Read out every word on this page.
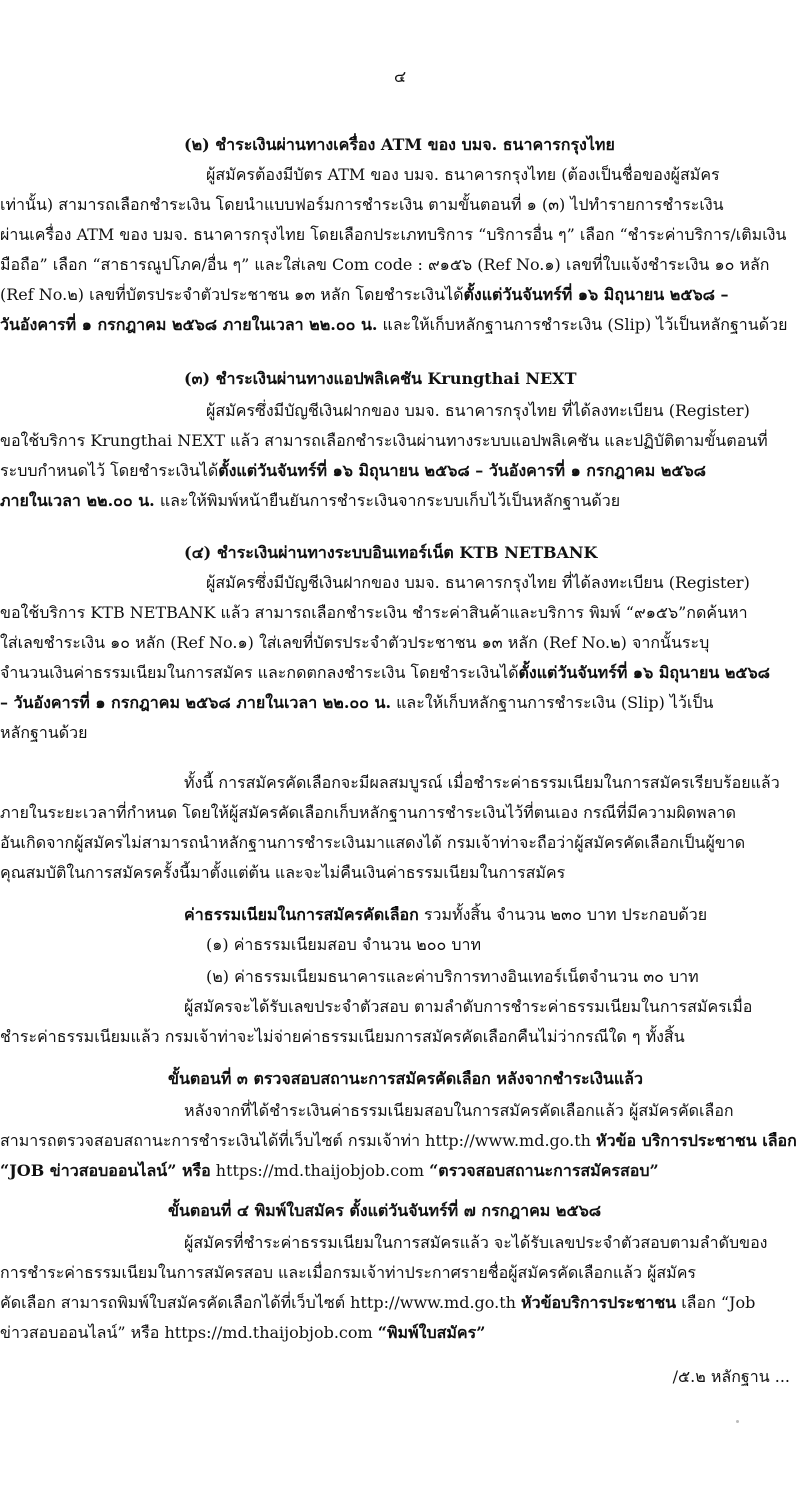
๔
(๒) ชำระเงินผ่านทางเครื่อง ATM ของ บมจ. ธนาคารกรุงไทย
ผู้สมัครต้องมีบัตร ATM ของ บมจ. ธนาคารกรุงไทย (ต้องเป็นชื่อของผู้สมัคร
เท่านั้น) สามารถเลือกชำระเงิน โดยนำแบบฟอร์มการชำระเงิน ตามขั้นตอนที่ ๑ (๓) ไปทำรายการชำระเงิน
ผ่านเครื่อง ATM ของ บมจ. ธนาคารกรุงไทย โดยเลือกประเภทบริการ “บริการอื่น ๆ” เลือก “ชำระค่าบริการ/เติมเงิน
มือถือ” เลือก “สาธารณูปโภค/อื่น ๆ” และใส่เลข Com code : ๙๑๕๖ (Ref No.๑) เลขที่ใบแจ้งชำระเงิน ๑๐ หลัก
(Ref No.๒) เลขที่บัตรประจำตัวประชาชน ๑๓ หลัก โดยชำระเงินได้ตั้งแต่วันจันทร์ที่ ๑๖ มิถุนายน ๒๕๖๘ –
วันอังคารที่ ๑ กรกฎาคม ๒๕๖๘ ภายในเวลา ๒๒.๐๐ น. และให้เก็บหลักฐานการชำระเงิน (Slip) ไว้เป็นหลักฐานด้วย
(๓) ชำระเงินผ่านทางแอปพลิเคชัน Krungthai NEXT
ผู้สมัครซึ่งมีบัญชีเงินฝากของ บมจ. ธนาคารกรุงไทย ที่ได้ลงทะเบียน (Register)
ขอใช้บริการ Krungthai NEXT แล้ว สามารถเลือกชำระเงินผ่านทางระบบแอปพลิเคชัน และปฏิบัติตามขั้นตอนที่
ระบบกำหนดไว้ โดยชำระเงินได้ตั้งแต่วันจันทร์ที่ ๑๖ มิถุนายน ๒๕๖๘ – วันอังคารที่ ๑ กรกฎาคม ๒๕๖๘
ภายในเวลา ๒๒.๐๐ น. และให้พิมพ์หน้ายืนยันการชำระเงินจากระบบเก็บไว้เป็นหลักฐานด้วย
(๔) ชำระเงินผ่านทางระบบอินเทอร์เน็ต KTB NETBANK
ผู้สมัครซึ่งมีบัญชีเงินฝากของ บมจ. ธนาคารกรุงไทย ที่ได้ลงทะเบียน (Register)
ขอใช้บริการ KTB NETBANK แล้ว สามารถเลือกชำระเงิน ชำระค่าสินค้าและบริการ พิมพ์ “๙๑๕๖”กดค้นหา
ใส่เลขชำระเงิน ๑๐ หลัก (Ref No.๑) ใส่เลขที่บัตรประจำตัวประชาชน ๑๓ หลัก (Ref No.๒) จากนั้นระบุ
จำนวนเงินค่าธรรมเนียมในการสมัคร และกดตกลงชำระเงิน โดยชำระเงินได้ตั้งแต่วันจันทร์ที่ ๑๖ มิถุนายน ๒๕๖๘
– วันอังคารที่ ๑ กรกฎาคม ๒๕๖๘ ภายในเวลา ๒๒.๐๐ น. และให้เก็บหลักฐานการชำระเงิน (Slip) ไว้เป็น
หลักฐานด้วย
ทั้งนี้ การสมัครคัดเลือกจะมีผลสมบูรณ์ เมื่อชำระค่าธรรมเนียมในการสมัครเรียบร้อยแล้ว
ภายในระยะเวลาที่กำหนด โดยให้ผู้สมัครคัดเลือกเก็บหลักฐานการชำระเงินไว้ที่ตนเอง กรณีที่มีความผิดพลาด
อันเกิดจากผู้สมัครไม่สามารถนำหลักฐานการชำระเงินมาแสดงได้ กรมเจ้าท่าจะถือว่าผู้สมัครคัดเลือกเป็นผู้ขาด
คุณสมบัติในการสมัครครั้งนี้มาตั้งแต่ต้น และจะไม่คืนเงินค่าธรรมเนียมในการสมัคร
ค่าธรรมเนียมในการสมัครคัดเลือก รวมทั้งสิ้น จำนวน ๒๓๐ บาท ประกอบด้วย
(๑) ค่าธรรมเนียมสอบ จำนวน ๒๐๐ บาท
(๒) ค่าธรรมเนียมธนาคารและค่าบริการทางอินเทอร์เน็ตจำนวน ๓๐ บาท
ผู้สมัครจะได้รับเลขประจำตัวสอบ ตามลำดับการชำระค่าธรรมเนียมในการสมัครเมื่อ
ชำระค่าธรรมเนียมแล้ว กรมเจ้าท่าจะไม่จ่ายค่าธรรมเนียมการสมัครคัดเลือกคืนไม่ว่ากรณีใด ๆ ทั้งสิ้น
ขั้นตอนที่ ๓ ตรวจสอบสถานะการสมัครคัดเลือก หลังจากชำระเงินแล้ว
หลังจากที่ได้ชำระเงินค่าธรรมเนียมสอบในการสมัครคัดเลือกแล้ว ผู้สมัครคัดเลือก
สามารถตรวจสอบสถานะการชำระเงินได้ที่เว็บไซต์ กรมเจ้าท่า http://www.md.go.th หัวข้อ บริการประชาชน เลือก
“JOB ข่าวสอบออนไลน์” หรือ https://md.thaijobjob.com “ตรวจสอบสถานะการสมัครสอบ”
ขั้นตอนที่ ๔ พิมพ์ใบสมัคร ตั้งแต่วันจันทร์ที่ ๗ กรกฎาคม ๒๕๖๘
ผู้สมัครที่ชำระค่าธรรมเนียมในการสมัครแล้ว จะได้รับเลขประจำตัวสอบตามลำดับของ
การชำระค่าธรรมเนียมในการสมัครสอบ และเมื่อกรมเจ้าท่าประกาศรายชื่อผู้สมัครคัดเลือกแล้ว ผู้สมัคร
คัดเลือก สามารถพิมพ์ใบสมัครคัดเลือกได้ที่เว็บไซต์ http://www.md.go.th หัวข้อบริการประชาชน เลือก “Job
ข่าวสอบออนไลน์” หรือ https://md.thaijobjob.com “พิมพ์ใบสมัคร”
/๕.๒ หลักฐาน ...
